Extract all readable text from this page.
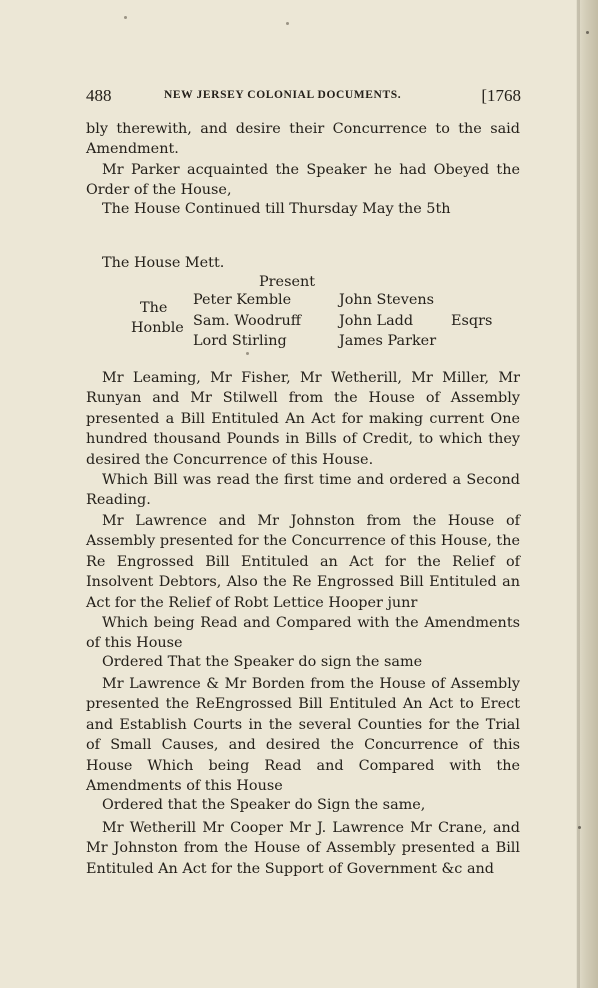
488	NEW JERSEY COLONIAL DOCUMENTS.	[1768
bly therewith, and desire their Concurrence to the said Amendment.
Mr Parker acquainted the Speaker he had Obeyed the Order of the House,
The House Continued till Thursday May the 5th
The House Mett.
Present
The
Honble
Peter Kemble
Sam. Woodruff
Lord Stirling
John Stevens
John Ladd
James Parker
Esqrs
Mr Leaming, Mr Fisher, Mr Wetherill, Mr Miller, Mr Runyan and Mr Stilwell from the House of Assembly presented a Bill Entituled An Act for making current One hundred thousand Pounds in Bills of Credit, to which they desired the Concurrence of this House.
Which Bill was read the first time and ordered a Second Reading.
Mr Lawrence and Mr Johnston from the House of Assembly presented for the Concurrence of this House, the Re Engrossed Bill Entituled an Act for the Relief of Insolvent Debtors, Also the Re Engrossed Bill Entituled an Act for the Relief of Robt Lettice Hooper junr
Which being Read and Compared with the Amendments of this House
Ordered That the Speaker do sign the same
Mr Lawrence & Mr Borden from the House of Assembly presented the ReEngrossed Bill Entituled An Act to Erect and Establish Courts in the several Counties for the Trial of Small Causes, and desired the Concurrence of this House Which being Read and Compared with the Amendments of this House
Ordered that the Speaker do Sign the same,
Mr Wetherill Mr Cooper Mr J. Lawrence Mr Crane, and Mr Johnston from the House of Assembly presented a Bill Entituled An Act for the Support of Government &c and
